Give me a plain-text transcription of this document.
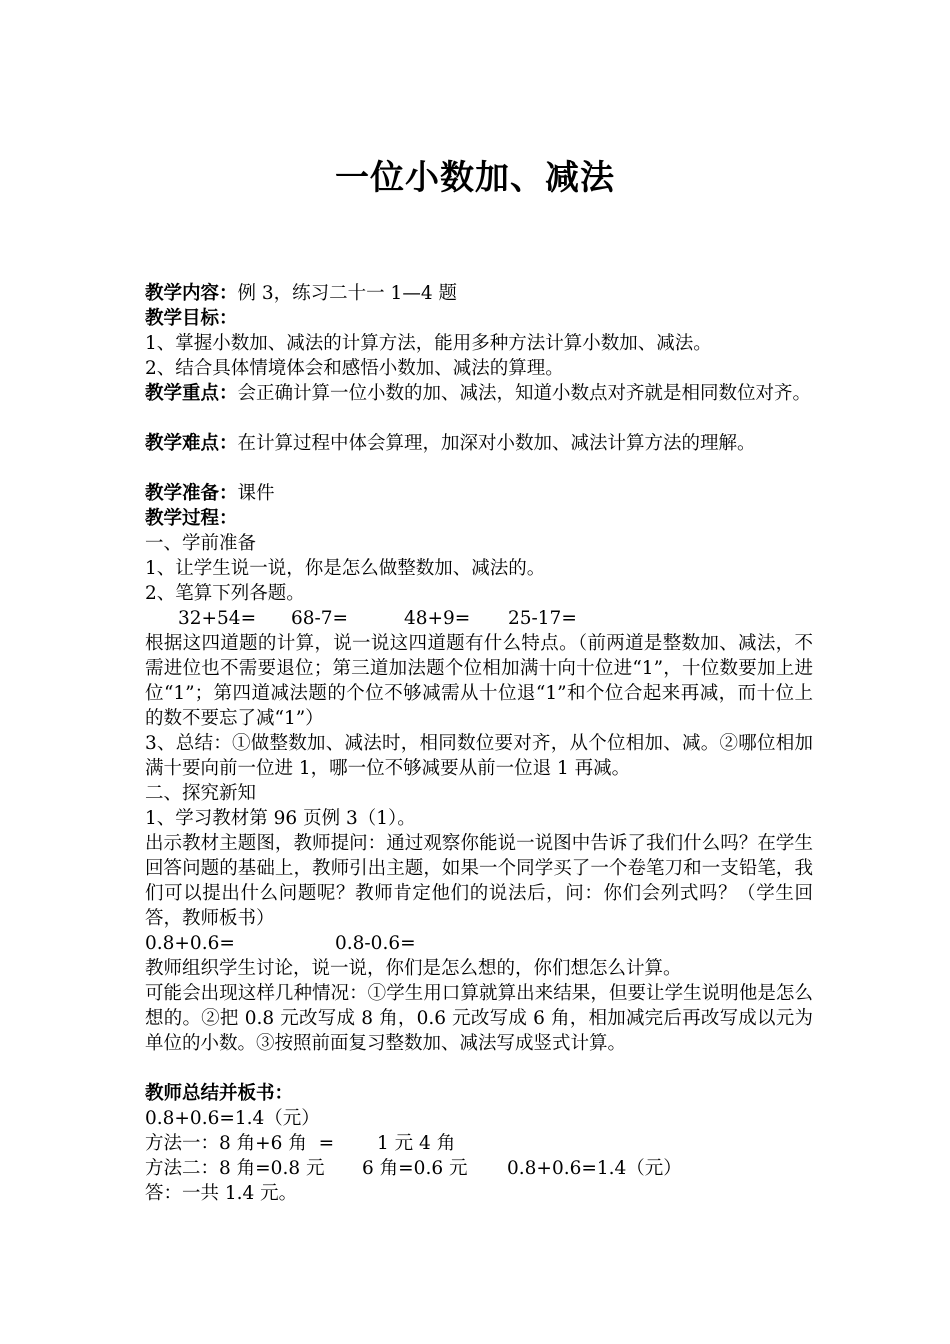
一位小数加、减法
教学内容：例 3，练习二十一 1—4 题
教学目标：
1、掌握小数加、减法的计算方法，能用多种方法计算小数加、减法。
2、结合具体情境体会和感悟小数加、减法的算理。
教学重点：会正确计算一位小数的加、减法，知道小数点对齐就是相同数位对齐。
教学难点：在计算过程中体会算理，加深对小数加、减法计算方法的理解。
教学准备：课件
教学过程：
一、学前准备
1、让学生说一说，你是怎么做整数加、减法的。
2、笔算下列各题。
32+54= 68-7=	48+9= 25-17=
根据这四道题的计算，说一说这四道题有什么特点。（前两道是整数加、减法，不需进位也不需要退位；第三道加法题个位相加满十向十位进“1”，十位数要加上进位“1”；第四道减法题的个位不够减需从十位退“1”和个位合起来再减，而十位上的数不要忘了减“1”）
3、总结：①做整数加、减法时，相同数位要对齐，从个位相加、减。②哪位相加满十要向前一位进 1，哪一位不够减要从前一位退 1 再减。
二、探究新知
1、学习教材第 96 页例 3（1）。
出示教材主题图，教师提问：通过观察你能说一说图中告诉了我们什么吗？在学生回答问题的基础上，教师引出主题，如果一个同学买了一个卷笔刀和一支铅笔，我们可以提出什么问题呢？教师肯定他们的说法后，问：你们会列式吗？（学生回答，教师板书）
0.8+0.6=	0.8-0.6=
教师组织学生讨论，说一说，你们是怎么想的，你们想怎么计算。
可能会出现这样几种情况：①学生用口算就算出来结果，但要让学生说明他是怎么想的。②把 0.8 元改写成 8 角，0.6 元改写成 6 角，相加减完后再改写成以元为单位的小数。③按照前面复习整数加、减法写成竖式计算。
教师总结并板书：
0.8+0.6=1.4（元）
方法一：8 角+6 角  = 1 元 4 角
方法二：8 角=0.8 元 6 角=0.6 元 0.8+0.6=1.4（元）
答：一共 1.4 元。
